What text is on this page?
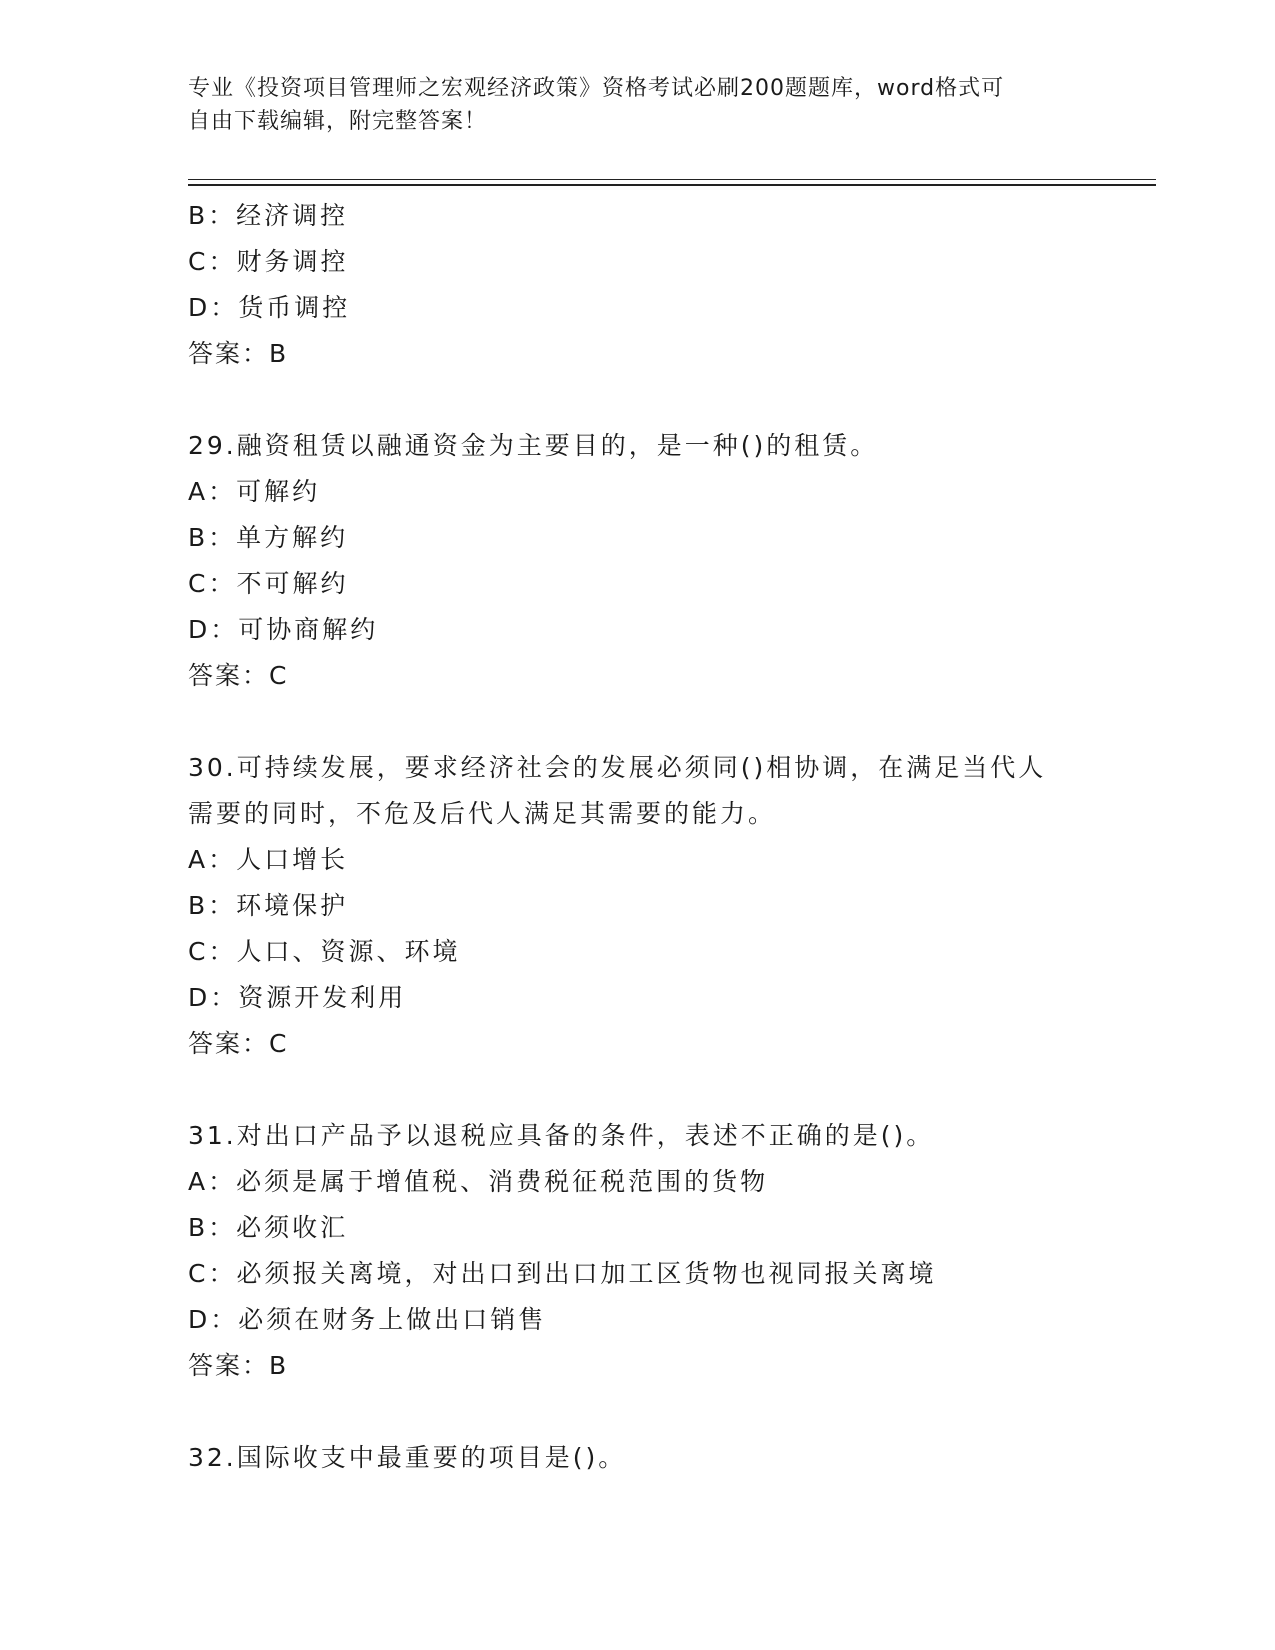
专业《投资项目管理师之宏观经济政策》资格考试必刷200题题库，word格式可
自由下载编辑，附完整答案！
B：经济调控
C：财务调控
D：货币调控
答案：B
29.融资租赁以融通资金为主要目的，是一种()的租赁。
A：可解约
B：单方解约
C：不可解约
D：可协商解约
答案：C
30.可持续发展，要求经济社会的发展必须同()相协调，在满足当代人
需要的同时，不危及后代人满足其需要的能力。
A：人口增长
B：环境保护
C：人口、资源、环境
D：资源开发利用
答案：C
31.对出口产品予以退税应具备的条件，表述不正确的是()。
A：必须是属于增值税、消费税征税范围的货物
B：必须收汇
C：必须报关离境，对出口到出口加工区货物也视同报关离境
D：必须在财务上做出口销售
答案：B
32.国际收支中最重要的项目是()。
